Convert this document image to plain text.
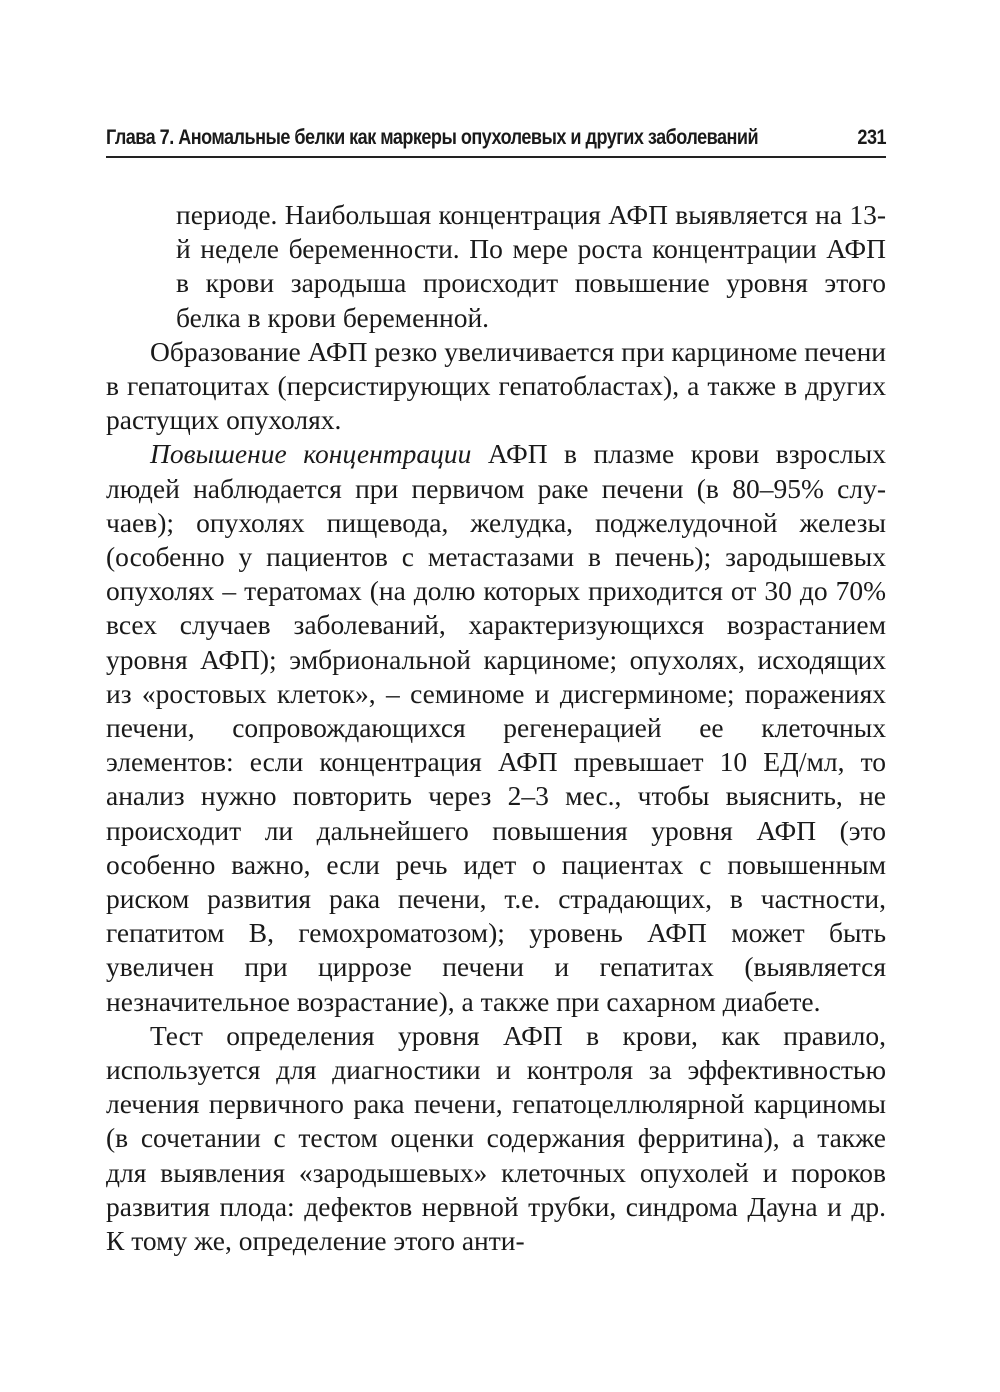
Глава 7. Аномальные белки как маркеры опухолевых и других заболеваний	231

периоде. Наибольшая концентрация АФП выявляется на 13-й неделе беременности. По мере роста концентрации АФП в крови зародыша происходит повышение уровня этого белка в крови беременной.

Образование АФП резко увеличивается при карциноме печени в гепатоцитах (персистирующих гепатобластах), а также в других растущих опухолях.

Повышение концентрации АФП в плазме крови взрослых людей наблюдается при первичом раке печени (в 80–95% случаев); опухолях пищевода, желудка, поджелудочной железы (особенно у пациентов с метастазами в печень); зародышевых опухолях – тератомах (на долю которых приходится от 30 до 70% всех случаев заболеваний, характеризующихся возрастанием уровня АФП); эмбриональной карциноме; опухолях, исходящих из «ростовых клеток», – семиноме и дисгерминоме; поражениях печени, сопровождающихся регенерацией ее клеточных элементов: если концентрация АФП превышает 10 ЕД/мл, то анализ нужно повторить через 2–3 мес., чтобы выяснить, не происходит ли дальнейшего повышения уровня АФП (это особенно важно, если речь идет о пациентах с повышенным риском развития рака печени, т.е. страдающих, в частности, гепатитом В, гемохроматозом); уровень АФП может быть увеличен при циррозе печени и гепатитах (выявляется незначительное возрастание), а также при сахарном диабете.

Тест определения уровня АФП в крови, как правило, используется для диагностики и контроля за эффективностью лечения первичного рака печени, гепатоцеллюлярной карциномы (в сочетании с тестом оценки содержания ферритина), а также для выявления «зародышевых» клеточных опухолей и пороков развития плода: дефектов нервной трубки, синдрома Дауна и др. К тому же, определение этого анти-
